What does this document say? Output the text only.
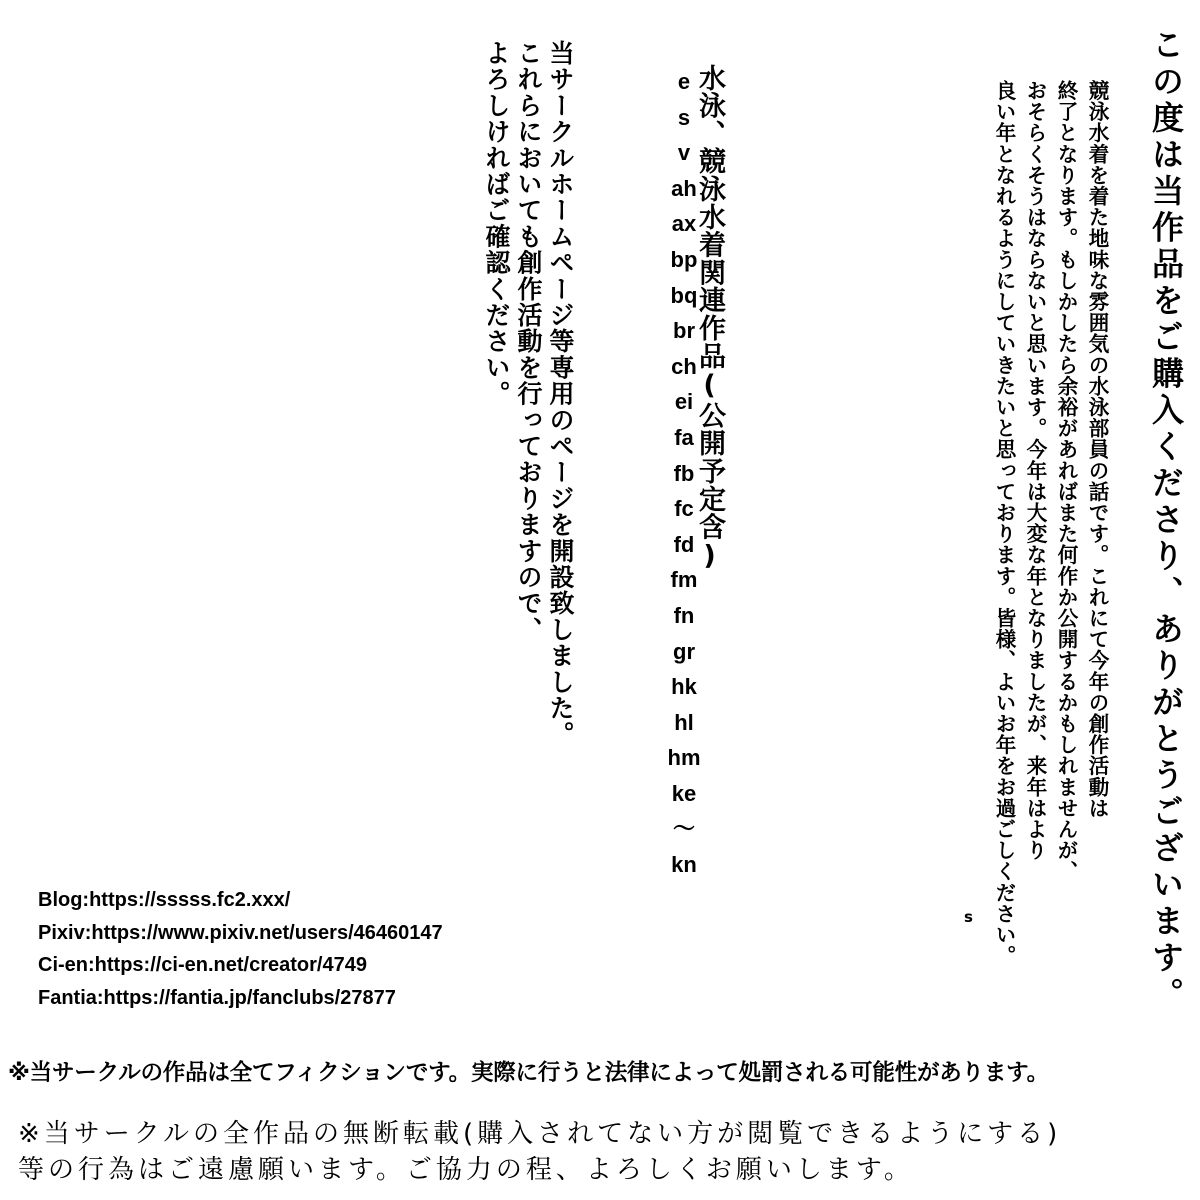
この度は当作品をご購入くださり、ありがとうございます。
競泳水着を着た地味な雰囲気の水泳部員の話です。これにて今年の創作活動は
終了となります。もしかしたら余裕があればまた何作か公開するかもしれませんが、
おそらくそうはならないと思います。今年は大変な年となりましたが、来年はより
良い年となれるようにしていきたいと思っております。皆様、よいお年をお過ごしください。
s
水泳、競泳水着関連作品(公開予定含)
e
s
v
ah
ax
bp
bq
br
ch
ei
fa
fb
fc
fd
fm
fn
gr
hk
hl
hm
ke
～
kn
当サークルホームページ等専用のページを開設致しました。
これらにおいても創作活動を行っておりますので、
よろしければご確認ください。
Blog:https://sssss.fc2.xxx/
Pixiv:https://www.pixiv.net/users/46460147
Ci-en:https://ci-en.net/creator/4749
Fantia:https://fantia.jp/fanclubs/27877
※当サークルの作品は全てフィクションです。実際に行うと法律によって処罰される可能性があります。
※当サークルの全作品の無断転載(購入されてない方が閲覧できるようにする)
等の行為はご遠慮願います。ご協力の程、よろしくお願いします。
